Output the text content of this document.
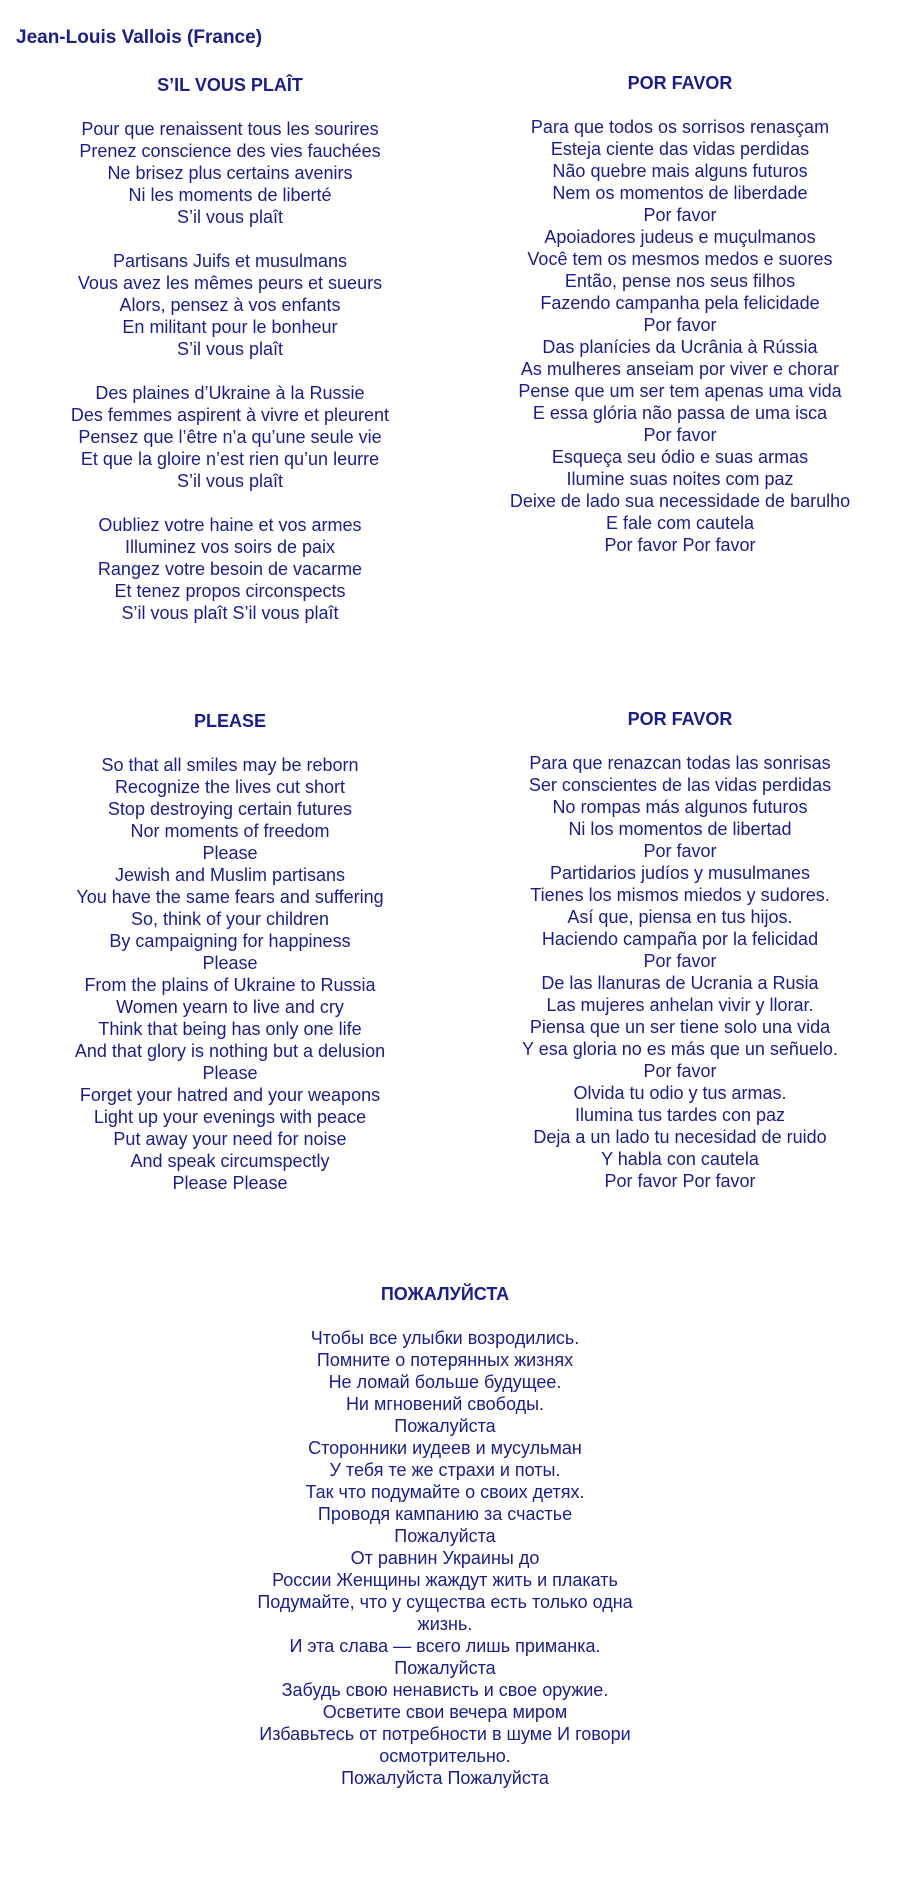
Jean-Louis Vallois (France)
S’IL VOUS PLAÎT
Pour que renaissent tous les sourires
Prenez conscience des vies fauchées
Ne brisez plus certains avenirs
Ni les moments de liberté
S’il vous plaît
Partisans Juifs et musulmans
Vous avez les mêmes peurs et sueurs
Alors, pensez à vos enfants
En militant pour le bonheur
S’il vous plaît
Des plaines d’Ukraine à la Russie
Des femmes aspirent à vivre et pleurent
Pensez que l’être n’a qu’une seule vie
Et que la gloire n’est rien qu’un leurre
S’il vous plaît
Oubliez votre haine et vos armes
Illuminez vos soirs de paix
Rangez votre besoin de vacarme
Et tenez propos circonspects
S’il vous plaît S’il vous plaît
POR FAVOR
Para que todos os sorrisos renasçam
Esteja ciente das vidas perdidas
Não quebre mais alguns futuros
Nem os momentos de liberdade
Por favor
Apoiadores judeus e muçulmanos
Você tem os mesmos medos e suores
Então, pense nos seus filhos
Fazendo campanha pela felicidade
Por favor
Das planícies da Ucrânia à Rússia
As mulheres anseiam por viver e chorar
Pense que um ser tem apenas uma vida
E essa glória não passa de uma isca
Por favor
Esqueça seu ódio e suas armas
Ilumine suas noites com paz
Deixe de lado sua necessidade de barulho
E fale com cautela
Por favor Por favor
PLEASE
So that all smiles may be reborn
Recognize the lives cut short
Stop destroying certain futures
Nor moments of freedom
Please
Jewish and Muslim partisans
You have the same fears and suffering
So, think of your children
By campaigning for happiness
Please
From the plains of Ukraine to Russia
Women yearn to live and cry
Think that being has only one life
And that glory is nothing but a delusion
Please
Forget your hatred and your weapons
Light up your evenings with peace
Put away your need for noise
And speak circumspectly
Please Please
POR FAVOR
Para que renazcan todas las sonrisas
Ser conscientes de las vidas perdidas
No rompas más algunos futuros
Ni los momentos de libertad
Por favor
Partidarios judíos y musulmanes
Tienes los mismos miedos y sudores.
Así que, piensa en tus hijos.
Haciendo campaña por la felicidad
Por favor
De las llanuras de Ucrania a Rusia
Las mujeres anhelan vivir y llorar.
Piensa que un ser tiene solo una vida
Y esa gloria no es más que un señuelo.
Por favor
Olvida tu odio y tus armas.
Ilumina tus tardes con paz
Deja a un lado tu necesidad de ruido
Y habla con cautela
Por favor Por favor
ПОЖАЛУЙСТА
Чтобы все улыбки возродились.
Помните о потерянных жизнях
Не ломай больше будущее.
Ни мгновений свободы.
Пожалуйста
Сторонники иудеев и мусульман
У тебя те же страхи и поты.
Так что подумайте о своих детях.
Проводя кампанию за счастье
Пожалуйста
От равнин Украины до
России Женщины жаждут жить и плакать
Подумайте, что у существа есть только одна жизнь.
И эта слава — всего лишь приманка.
Пожалуйста
Забудь свою ненависть и свое оружие.
Осветите свои вечера миром
Избавьтесь от потребности в шуме И говори осмотрительно.
Пожалуйста Пожалуйста
